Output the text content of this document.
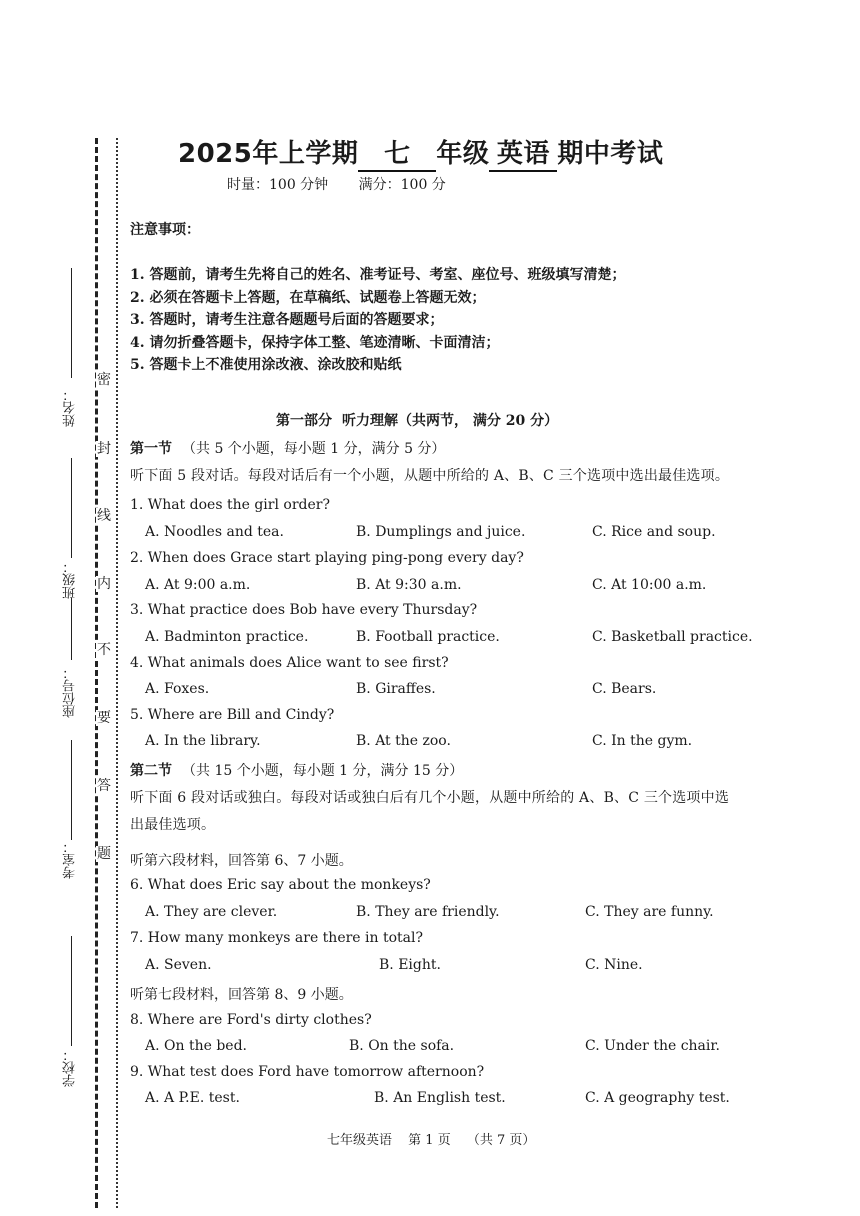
密
封
线
内
不
要
答
题
姓名：
班级：
座位号：
考室：
学校：
2025年上学期 七 年级 英语 期中考试
时量：100 分钟 满分：100 分
注意事项：
1. 答题前，请考生先将自己的姓名、准考证号、考室、座位号、班级填写清楚；
2. 必须在答题卡上答题，在草稿纸、试题卷上答题无效；
3. 答题时，请考生注意各题题号后面的答题要求；
4. 请勿折叠答题卡，保持字体工整、笔迹清晰、卡面清洁；
5. 答题卡上不准使用涂改液、涂改胶和贴纸
第一部分 听力理解（共两节， 满分 20 分）
第一节 （共 5 个小题，每小题 1 分，满分 5 分）
听下面 5 段对话。每段对话后有一个小题，从题中所给的 A、B、C 三个选项中选出最佳选项。
1. What does the girl order?
A. Noodles and tea.	B. Dumplings and juice.	C. Rice and soup.
2. When does Grace start playing ping-pong every day?
A. At 9:00 a.m.	B. At 9:30 a.m.	C. At 10:00 a.m.
3. What practice does Bob have every Thursday?
A. Badminton practice.	B. Football practice.	C. Basketball practice.
4. What animals does Alice want to see first?
A. Foxes.	B. Giraffes.	C. Bears.
5. Where are Bill and Cindy?
A. In the library.	B. At the zoo.	C. In the gym.
第二节 （共 15 个小题，每小题 1 分，满分 15 分）
听下面 6 段对话或独白。每段对话或独白后有几个小题，从题中所给的 A、B、C 三个选项中选出最佳选项。
听第六段材料，回答第 6、7 小题。
6. What does Eric say about the monkeys?
A. They are clever.	B. They are friendly.	C. They are funny.
7. How many monkeys are there in total?
A. Seven.	B. Eight.	C. Nine.
听第七段材料，回答第 8、9 小题。
8. Where are Ford's dirty clothes?
A. On the bed.	B. On the sofa.	C. Under the chair.
9. What test does Ford have tomorrow afternoon?
A. A P.E. test.	B. An English test.	C. A geography test.
七年级英语 第 1 页 （共 7 页）
